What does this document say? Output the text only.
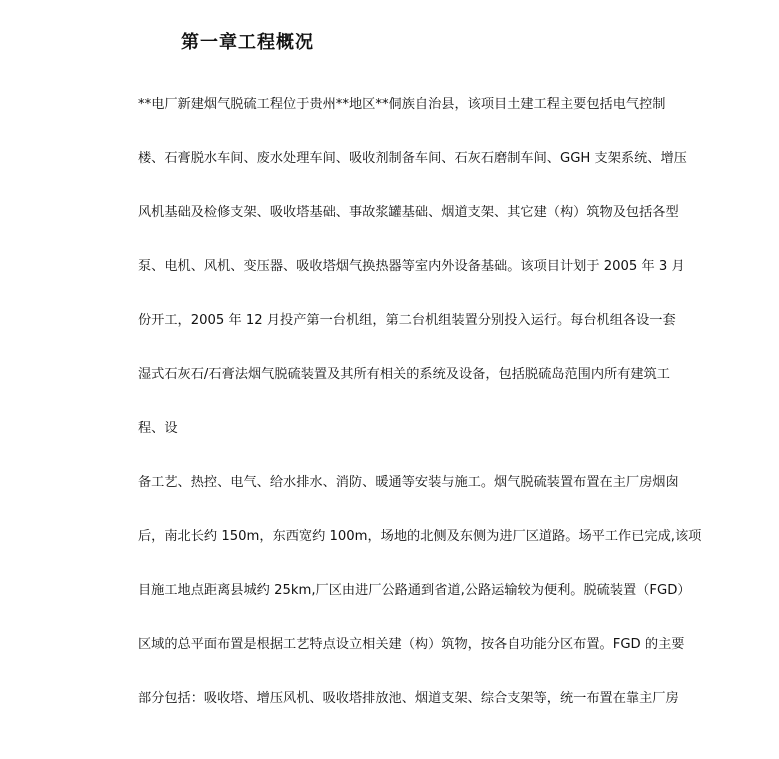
第一章工程概况
**电厂新建烟气脱硫工程位于贵州**地区**侗族自治县，该项目土建工程主要包括电气控制
楼、石膏脱水车间、废水处理车间、吸收剂制备车间、石灰石磨制车间、GGH 支架系统、增压
风机基础及检修支架、吸收塔基础、事故浆罐基础、烟道支架、其它建（构）筑物及包括各型
泵、电机、风机、变压器、吸收塔烟气换热器等室内外设备基础。该项目计划于 2005 年 3 月
份开工，2005 年 12 月投产第一台机组，第二台机组装置分别投入运行。每台机组各设一套
湿式石灰石/石膏法烟气脱硫装置及其所有相关的系统及设备，包括脱硫岛范围内所有建筑工
程、设
备工艺、热控、电气、给水排水、消防、暖通等安装与施工。烟气脱硫装置布置在主厂房烟囱
后，南北长约 150m，东西宽约 100m，场地的北侧及东侧为进厂区道路。场平工作已完成,该项
目施工地点距离县城约 25km,厂区由进厂公路通到省道,公路运输较为便利。脱硫装置（FGD）
区域的总平面布置是根据工艺特点设立相关建（构）筑物，按各自功能分区布置。FGD 的主要
部分包括：吸收塔、增压风机、吸收塔排放池、烟道支架、综合支架等，统一布置在靠主厂房
